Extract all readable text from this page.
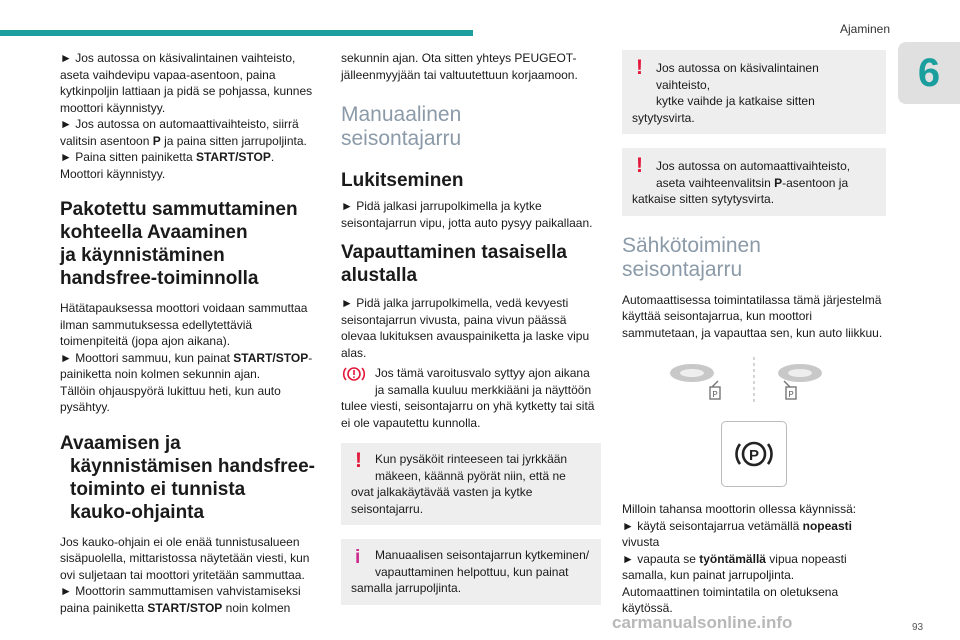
Ajaminen
6

► Jos autossa on käsivalintainen vaihteisto, aseta vaihdevipu vapaa-asentoon, paina kytkinpoljin lattiaan ja pidä se pohjassa, kunnes moottori käynnistyy.

► Jos autossa on automaattivaihteisto, siirrä valitsin asentoon P ja paina sitten jarrupoljinta.

► Paina sitten painiketta START/STOP.

Moottori käynnistyy.

Pakotettu sammuttaminen
kohteella Avaaminen
ja käynnistäminen
handsfree-toiminnolla

Hätätapauksessa moottori voidaan sammuttaa ilman sammutuksessa edellytettäviä toimenpiteitä (jopa ajon aikana).

► Moottori sammuu, kun painat START/STOP-painiketta noin kolmen sekunnin ajan.

Tällöin ohjauspyörä lukittuu heti, kun auto pysähtyy.

Avaamisen ja
käynnistämisen handsfree-
toiminto ei tunnista
kauko-ohjainta

Jos kauko-ohjain ei ole enää tunnistusalueen sisäpuolella, mittaristossa näytetään viesti, kun ovi suljetaan tai moottori yritetään sammuttaa.

► Moottorin sammuttamisen vahvistamiseksi paina painiketta START/STOP noin kolmen

sekunnin ajan. Ota sitten yhteys PEUGEOT-jälleenmyyjään tai valtuutettuun korjaamoon.

Manuaalinen
seisontajarru
Lukitseminen

► Pidä jalkasi jarrupolkimella ja kytke seisontajarrun vipu, jotta auto pysyy paikallaan.

Vapauttaminen tasaisella
alustalla

► Pidä jalka jarrupolkimella, vedä kevyesti seisontajarrun vivusta, paina vivun päässä olevaa lukituksen avauspainiketta ja laske vipu alas.

Jos tämä varoitusvalo syttyy ajon aikana

ja samalla kuuluu merkkiääni ja näyttöön tulee viesti, seisontajarru on yhä kytketty tai sitä ei ole vapautettu kunnolla.

!	Kun pysäköit rinteeseen tai jyrkkään

mäkeen, käännä pyörät niin, että ne ovat jalkakäytävää vasten ja kytke seisontajarru.

i	Manuaalisen seisontajarrun kytkeminen/

vapauttaminen helpottuu, kun painat samalla jarrupoljinta.

!	Jos autossa on käsivalintainen vaihteisto,

kytke vaihde ja katkaise sitten sytytysvirta.

!	Jos autossa on automaattivaihteisto,

aseta vaihteenvalitsin P-asentoon ja katkaise sitten sytytysvirta.

Sähkötoiminen
seisontajarru

Automaattisessa toimintatilassa tämä järjestelmä käyttää seisontajarrua, kun moottori sammutetaan, ja vapauttaa sen, kun auto liikkuu.

P	P
P

Milloin tahansa moottorin ollessa käynnissä:

► käytä seisontajarrua vetämällä nopeasti vivusta

► vapauta se työntämällä vipua nopeasti samalla, kun painat jarrupoljinta.

Automaattinen toimintatila on oletuksena käytössä.

carmanualsonline.info	93
